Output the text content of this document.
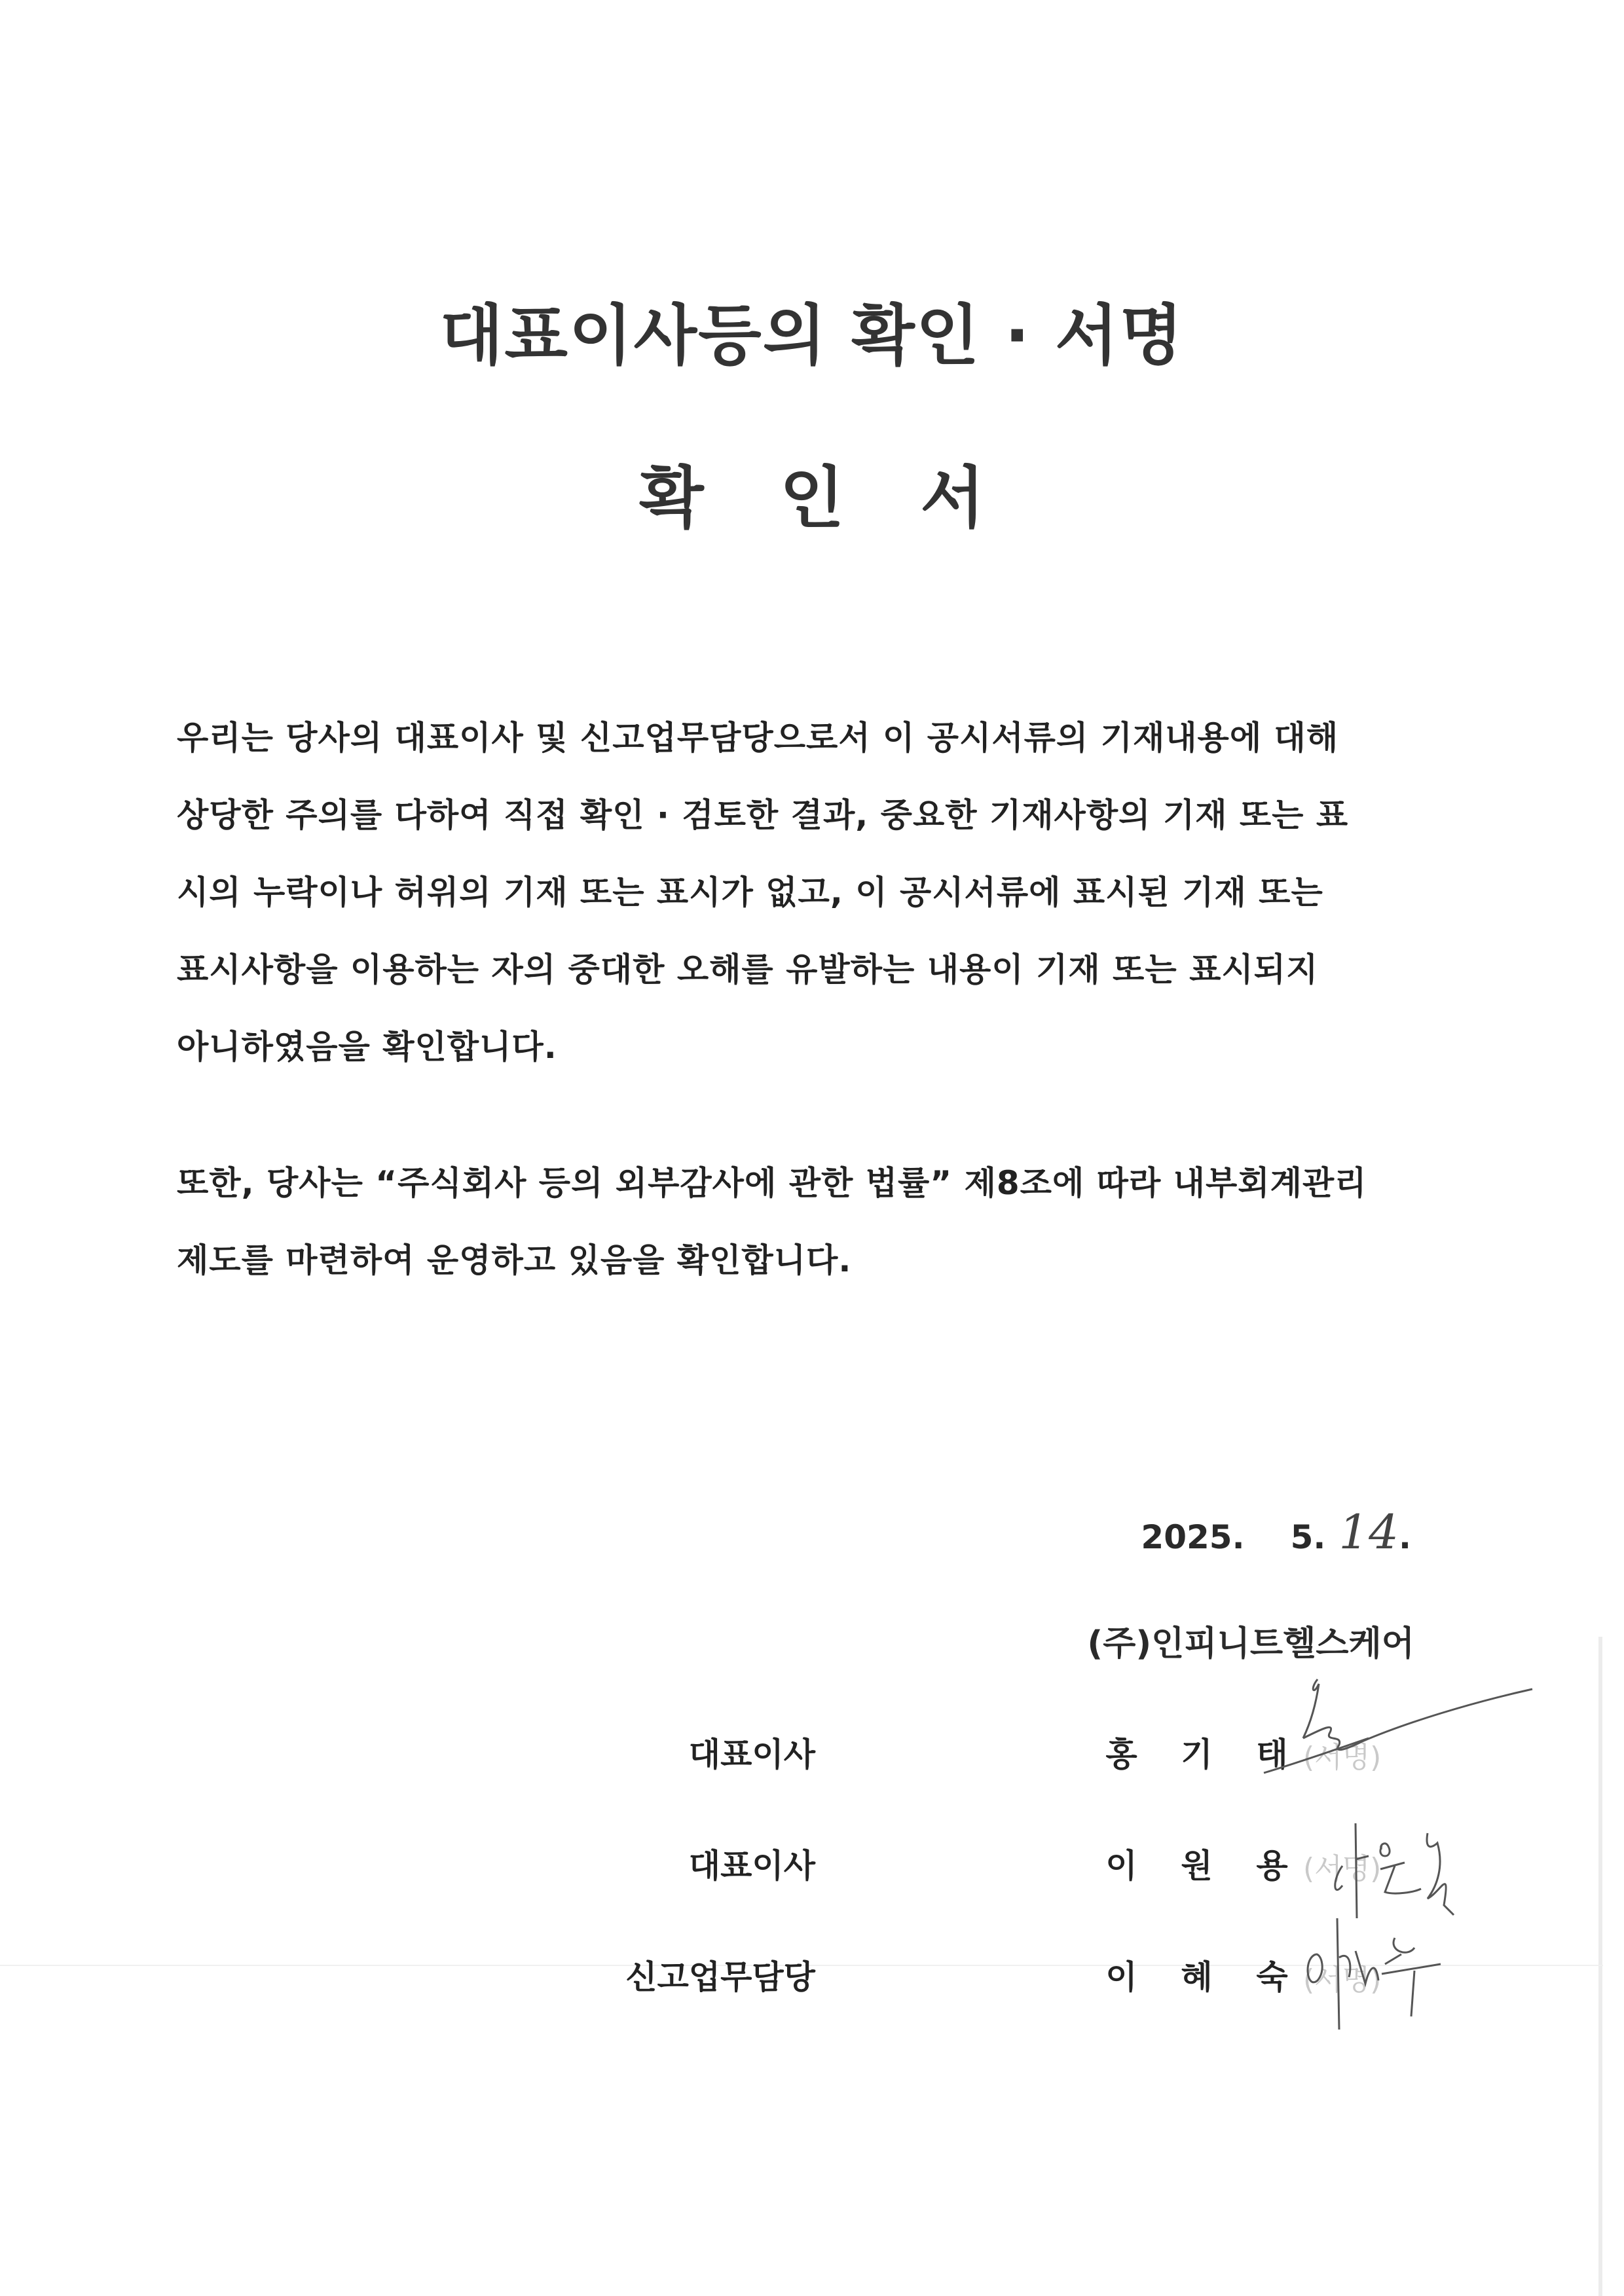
대표이사등의 확인 · 서명
확 인 서
우리는 당사의 대표이사 및 신고업무담당으로서 이 공시서류의 기재내용에 대해
상당한 주의를 다하여 직접 확인 · 검토한 결과, 중요한 기재사항의 기재 또는 표
시의 누락이나 허위의 기재 또는 표시가 없고, 이 공시서류에 표시된 기재 또는
표시사항을 이용하는 자의 중대한 오해를 유발하는 내용이 기재 또는 표시되지
아니하였음을 확인합니다.
또한, 당사는 “주식회사 등의 외부감사에 관한 법률” 제8조에 따라 내부회계관리
제도를 마련하여 운영하고 있음을 확인합니다.
2025. 5. 14.
(주)인피니트헬스케어
대표이사	홍 기 태 (서명)
대표이사	이 원 용 (서명)
신고업무담당	이 혜 숙 (서명)
